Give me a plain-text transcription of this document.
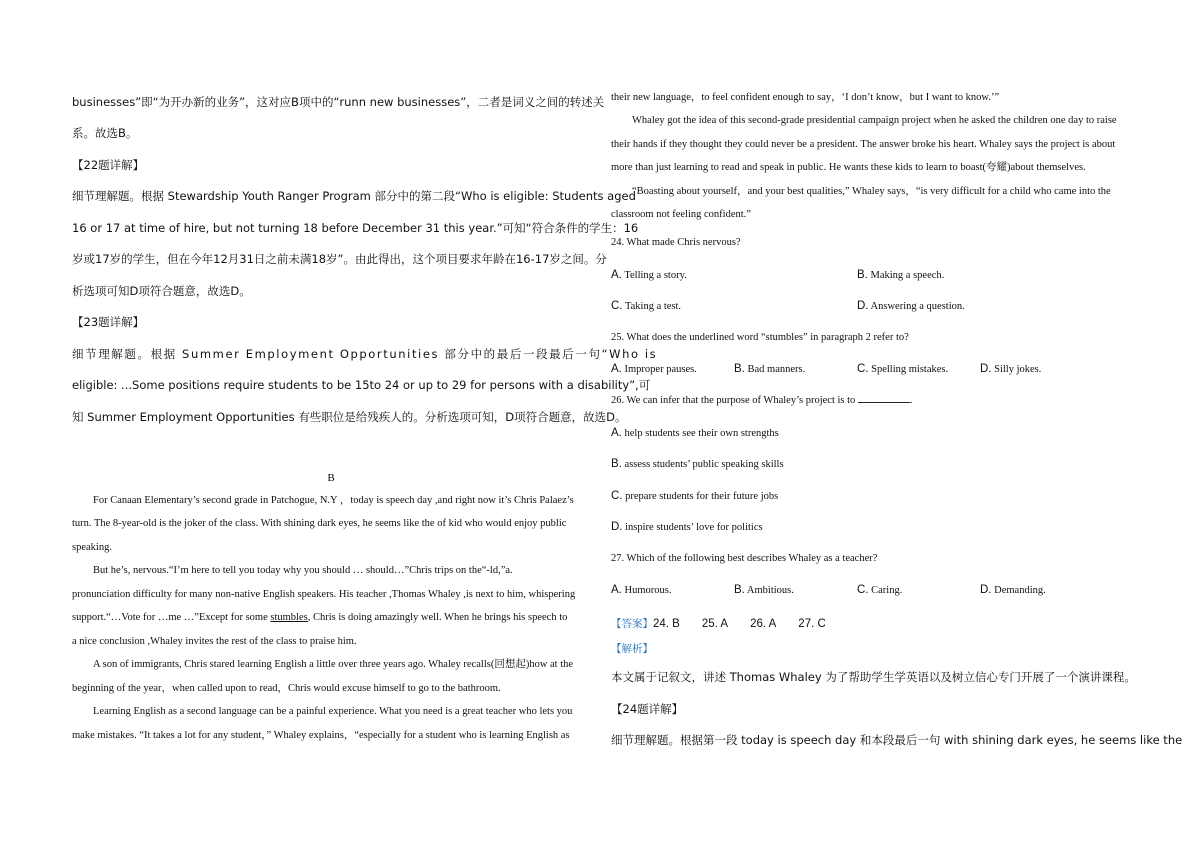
businesses”即“为开办新的业务”，这对应B项中的“runn new businesses”，二者是词义之间的转述关
系。故选B。
【22题详解】
细节理解题。根据 Stewardship Youth Ranger Program 部分中的第二段“Who is eligible: Students aged
16 or 17 at time of hire, but not turning 18 before December 31 this year.”可知“符合条件的学生：16
岁或17岁的学生，但在今年12月31日之前未满18岁”。由此得出，这个项目要求年龄在16-17岁之间。分
析选项可知D项符合题意，故选D。
【23题详解】
细节理解题。根据 Summer Employment Opportunities 部分中的最后一段最后一句“Who is
eligible: ...Some positions require students to be 15to 24 or up to 29 for persons with a disability”,可
知 Summer Employment Opportunities 有些职位是给残疾人的。分析选项可知，D项符合题意，故选D。
B
For Canaan Elementary’s second grade in Patchogue, N.Y ，today is speech day ,and right now it’s Chris Palaez’s
turn. The 8-year-old is the joker of the class. With shining dark eyes, he seems like the of kid who would enjoy public
speaking.
But he’s, nervous.“I’m here to tell you today why you should … should…”Chris trips on the“-ld,”a.
pronunciation difficulty for many non-native English speakers. His teacher ,Thomas Whaley ,is next to him, whispering
support.“…Vote for …me …”Except for some stumbles, Chris is doing amazingly well. When he brings his speech to
a nice conclusion ,Whaley invites the rest of the class to praise him.
A son of immigrants, Chris stared learning English a little over three years ago. Whaley recalls(回想起)how at the
beginning of the year，when called upon to read，Chris would excuse himself to go to the bathroom.
Learning English as a second language can be a painful experience. What you need is a great teacher who lets you
make mistakes. “It takes a lot for any student，” Whaley explains，“especially for a student who is learning English as
their new language，to feel confident enough to say，‘I don’t know，but I want to know.’”
Whaley got the idea of this second-grade presidential campaign project when he asked the children one day to raise
their hands if they thought they could never be a president. The answer broke his heart. Whaley says the project is about
more than just learning to read and speak in public. He wants these kids to learn to boast(夸耀)about themselves.
“Boasting about yourself，and your best qualities,” Whaley says，“is very difficult for a child who came into the
classroom not feeling confident.”
24. What made Chris nervous?
A. Telling a story.	B. Making a speech.
C. Taking a test.	D. Answering a question.
25. What does the underlined word “stumbles” in paragraph 2 refer to?
A. Improper pauses.	B. Bad manners.	C. Spelling mistakes.	D. Silly jokes.
26. We can infer that the purpose of Whaley’s project is to	.
A. help students see their own strengths
B. assess students’ public speaking skills
C. prepare students for their future jobs
D. inspire students’ love for politics
27. Which of the following best describes Whaley as a teacher?
A. Humorous.	B. Ambitious.	C. Caring.	D. Demanding.
【答案】24. B 25. A 26. A 27. C
【解析】
本文属于记叙文，讲述 Thomas Whaley 为了帮助学生学英语以及树立信心专门开展了一个演讲课程。
【24题详解】
细节理解题。根据第一段 today is speech day 和本段最后一句 with shining dark eyes, he seems like the
